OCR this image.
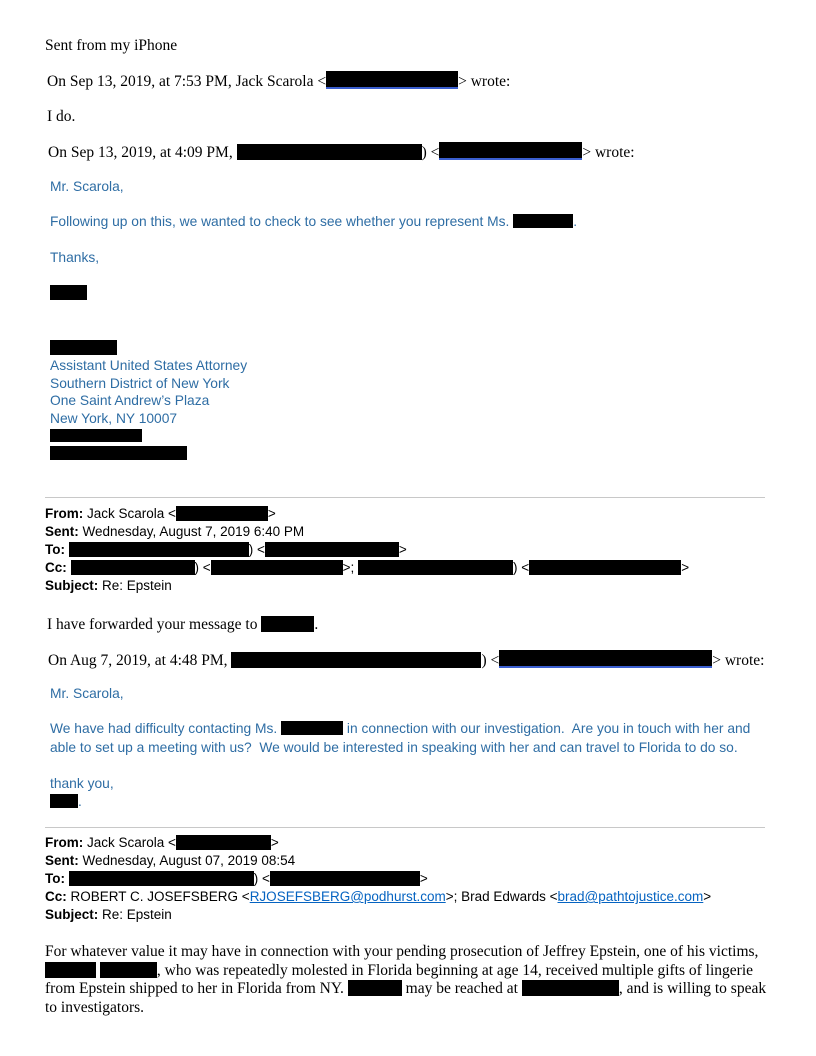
Sent from my iPhone

On Sep 13, 2019, at 7:53 PM, Jack Scarola <	> wrote:

I do.

On Sep 13, 2019, at 4:09 PM,	) <	> wrote:

Mr. Scarola,

Following up on this, we wanted to check to see whether you represent Ms.	.

Thanks,

Assistant United States Attorney
Southern District of New York
One Saint Andrew’s Plaza
New York, NY 10007
From: Jack Scarola <	>
Sent: Wednesday, August 7, 2019 6:40 PM
To:	) <	>
Cc:	) <	>;	) <	>
Subject: Re: Epstein

I have forwarded your message to	.

On Aug 7, 2019, at 4:48 PM,	) <	> wrote:

Mr. Scarola,

We have had difficulty contacting Ms.	in connection with our investigation.  Are you in touch with her and able to set up a meeting with us?  We would be interested in speaking with her and can travel to Florida to do so.
thank you,
.
From: Jack Scarola <	>
Sent: Wednesday, August 07, 2019 08:54
To:	) <	>
Cc: ROBERT C. JOSEFSBERG <RJOSEFSBERG@podhurst.com>; Brad Edwards <brad@pathtojustice.com>
Subject: Re: Epstein

For whatever value it may have in connection with your pending prosecution of Jeffrey Epstein, one of his victims,  , who was repeatedly molested in Florida beginning at age 14, received multiple gifts of lingerie from Epstein shipped to her in Florida from NY.	may be reached at	, and is willing to speak to investigators.
